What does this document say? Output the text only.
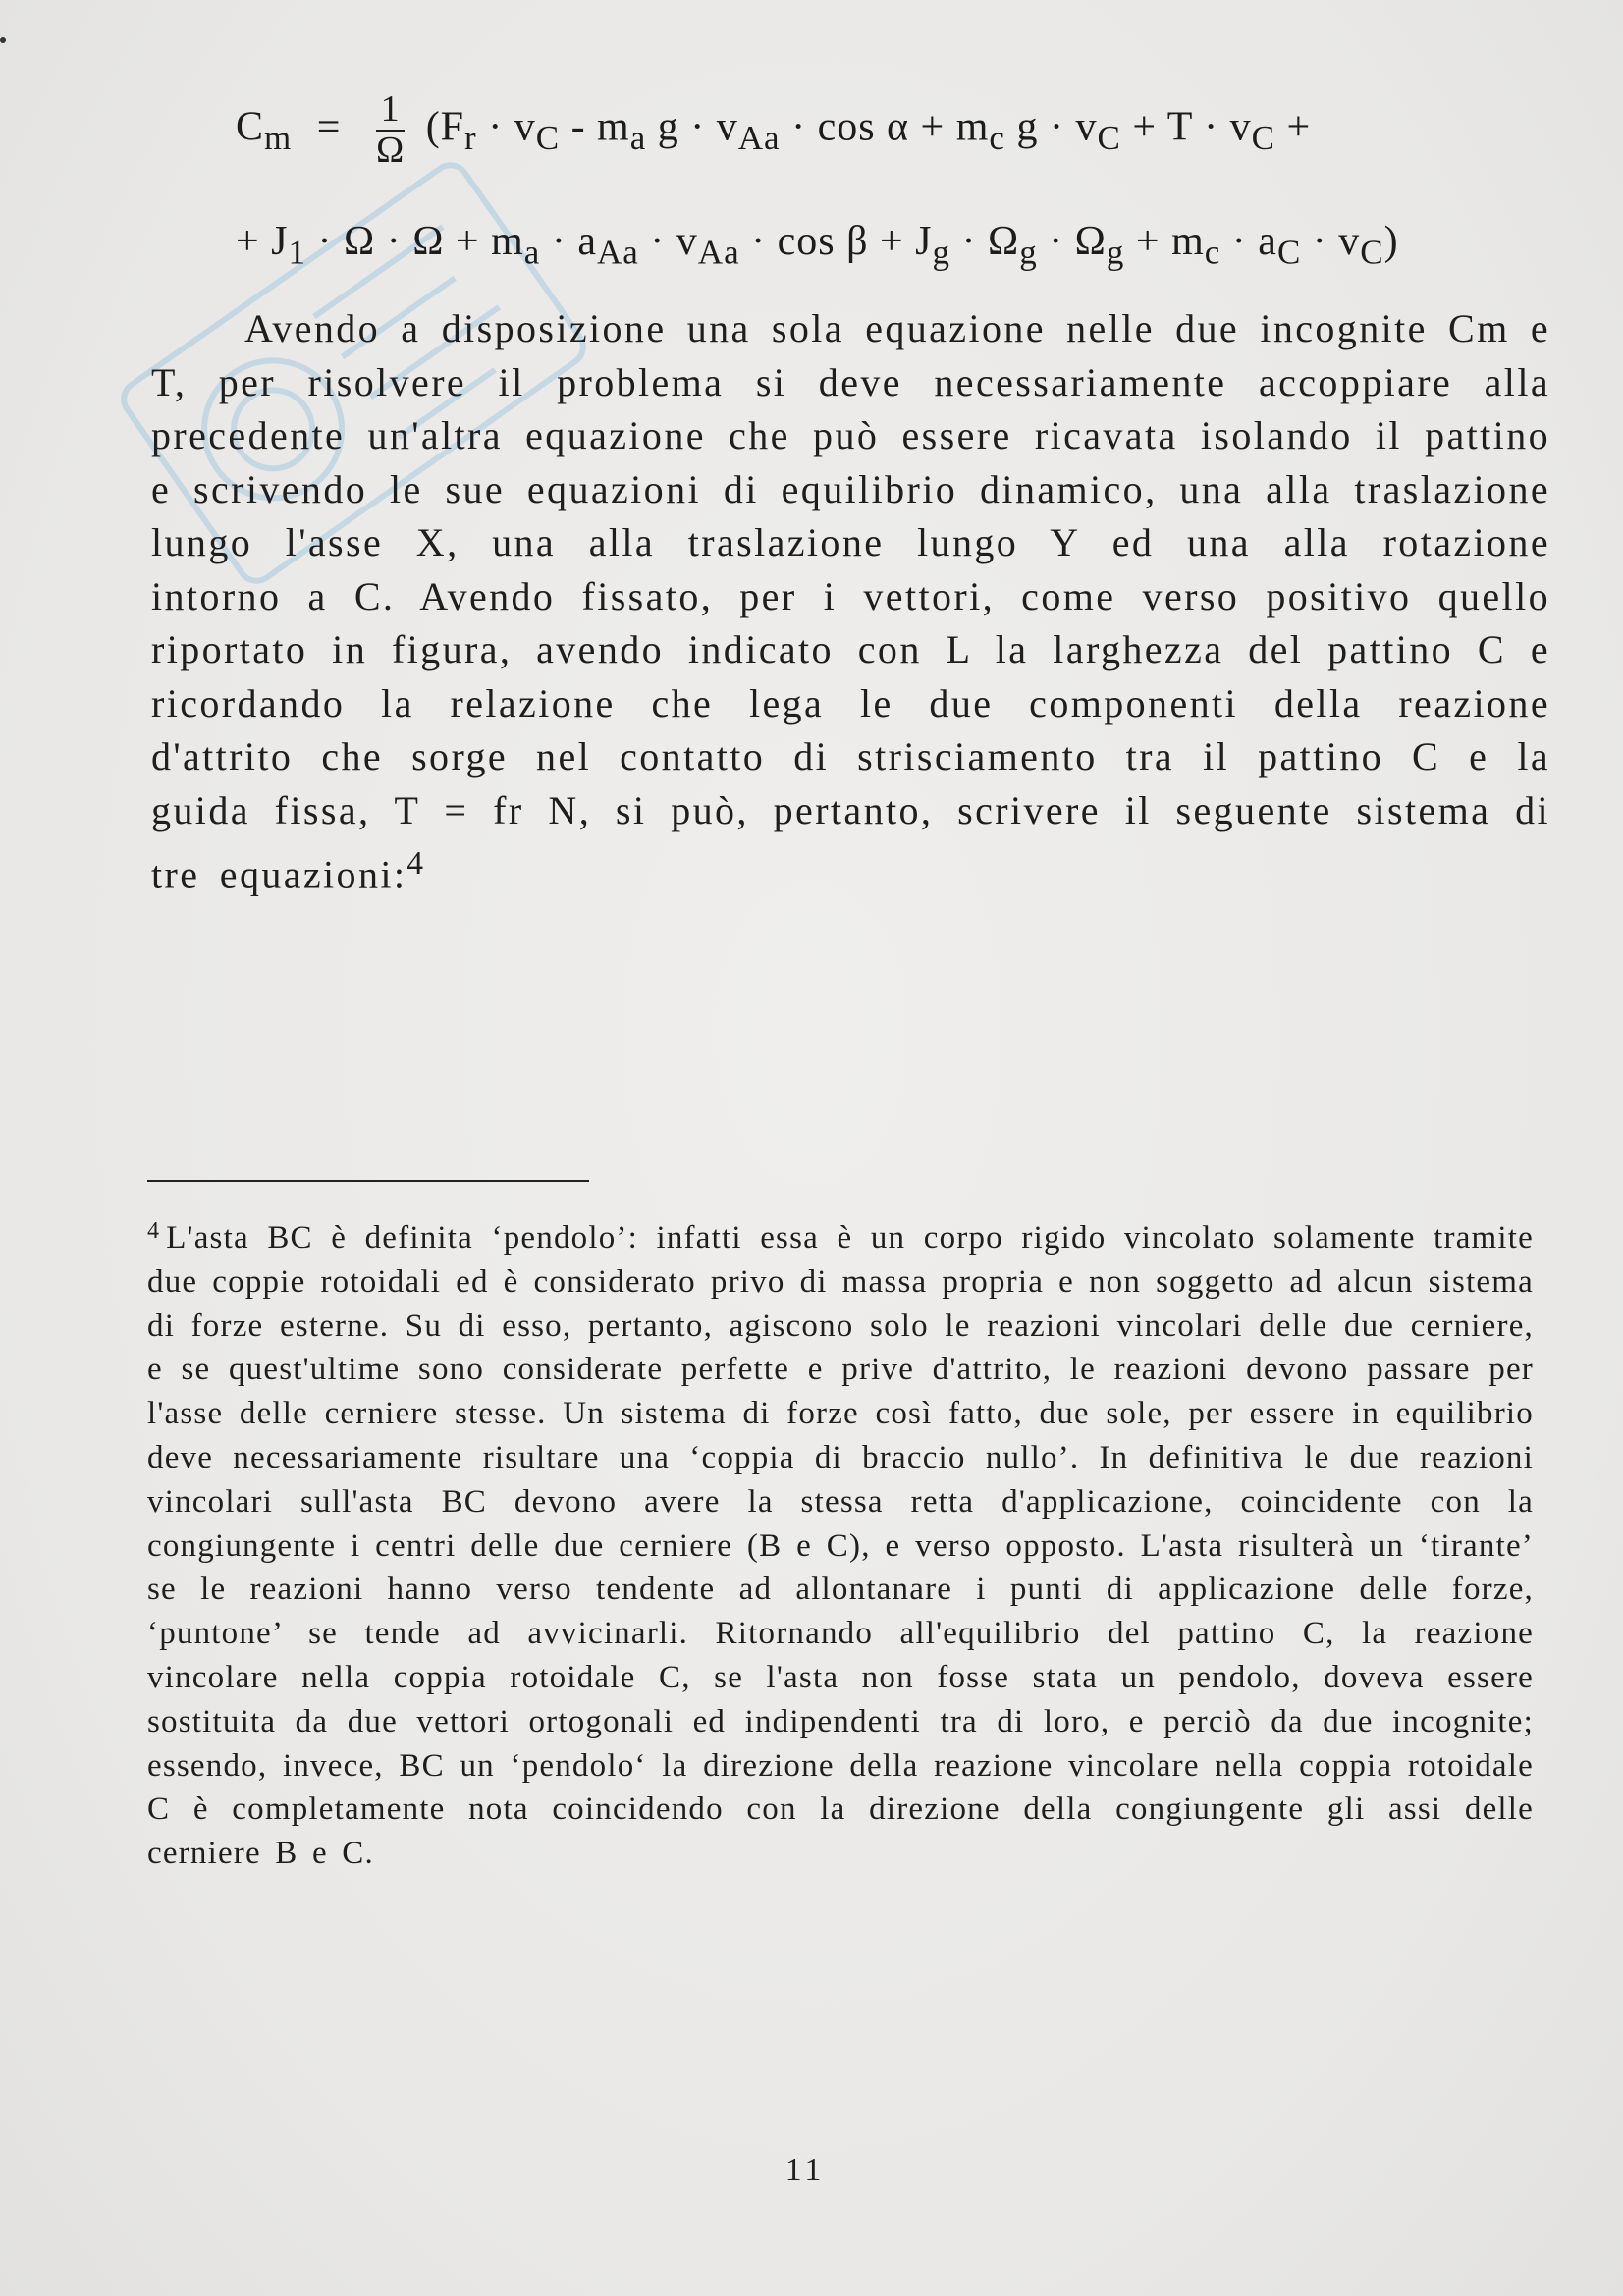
$C_m = \frac{1}{\Omega} (F_r \cdot v_C - m_a$ $g \cdot v_{Aa} \cdot \cos \alpha + m_c$ $g \cdot v_C + T \cdot v_C$ +
+ $J_1 \cdot \Omega \cdot \Omega + m_a \cdot a_{Aa} \cdot v_{Aa} \cdot \cos \beta + J_g \cdot \Omega_g \cdot \Omega_g + m_c \cdot a_C \cdot v_C$)
Avendo a disposizione una sola equazione nelle due incognite Cm e T, per risolvere il problema si deve necessariamente accoppiare alla precedente un'altra equazione che può essere ricavata isolando il pattino e scrivendo le sue equazioni di equilibrio dinamico, una alla traslazione lungo l'asse X, una alla traslazione lungo Y ed una alla rotazione intorno a C. Avendo fissato, per i vettori, come verso positivo quello riportato in figura, avendo indicato con L la larghezza del pattino C e ricordando la relazione che lega le due componenti della reazione d'attrito che sorge nel contatto di strisciamento tra il pattino C e la guida fissa, T = fr N, si può, pertanto, scrivere il seguente sistema di tre equazioni:$^4$
$^4$ L'asta BC è definita ‘pendolo’: infatti essa è un corpo rigido vincolato solamente tramite due coppie rotoidali ed è considerato privo di massa propria e non soggetto ad alcun sistema di forze esterne. Su di esso, pertanto, agiscono solo le reazioni vincolari delle due cerniere, e se quest'ultime sono considerate perfette e prive d'attrito, le reazioni devono passare per l'asse delle cerniere stesse. Un sistema di forze così fatto, due sole, per essere in equilibrio deve necessariamente risultare una ‘coppia di braccio nullo’. In definitiva le due reazioni vincolari sull'asta BC devono avere la stessa retta d'applicazione, coincidente con la congiungente i centri delle due cerniere (B e C), e verso opposto. L'asta risulterà un ‘tirante’ se le reazioni hanno verso tendente ad allontanare i punti di applicazione delle forze, ‘puntone’ se tende ad avvicinarli. Ritornando all'equilibrio del pattino C, la reazione vincolare nella coppia rotoidale C, se l'asta non fosse stata un pendolo, doveva essere sostituita da due vettori ortogonali ed indipendenti tra di loro, e perciò da due incognite; essendo, invece, BC un ‘pendolo‘ la direzione della reazione vincolare nella coppia rotoidale C è completamente nota coincidendo con la direzione della congiungente gli assi delle cerniere B e C.
11
